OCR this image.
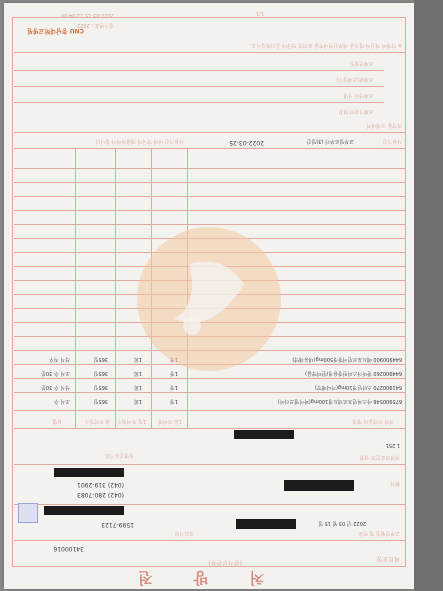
처 방 전
(환자보관용)
의료보험
34100016
교부연월일 및 번호
2022 년 03 월 15 일
의료기관
1599-7123
(042) 280-7083
(042) 319-2901	환자
처방의료인의 성명
1.251
질병분류기호
처방 의약품의 명칭
1회 투여량
1일 투여횟수
총 투약일수
용법
675900546 아스피린프로텍트정100mg(바이엘코리아)
1정
1회
365일
조식 후
641900270 스타틴정10mg(가나제약)
1정
1회
365일
석식 후 30분
644900260 한미아스피린장용정(한미약품)
1정
1회
365일
조식 후 30분
644900900 메트포르민서방정500mg(대웅제약)
1회
365일
석식 직후
사용기간
교부일로부터 (3)일간
2022-03-25
사용기간 내에 약국에 제출하여야 합니다
의약품 조제내역
조제기관의 명칭
조제약사 성명
조제량(조제일수)
조제연월일
※ 약제비 계산서·영수증 세부산정내역을 보려면 약국에 문의하십시오.
1/1
접수번호 : 2022
2022-03-15 12:04:00
CNU 충남대학교병원
